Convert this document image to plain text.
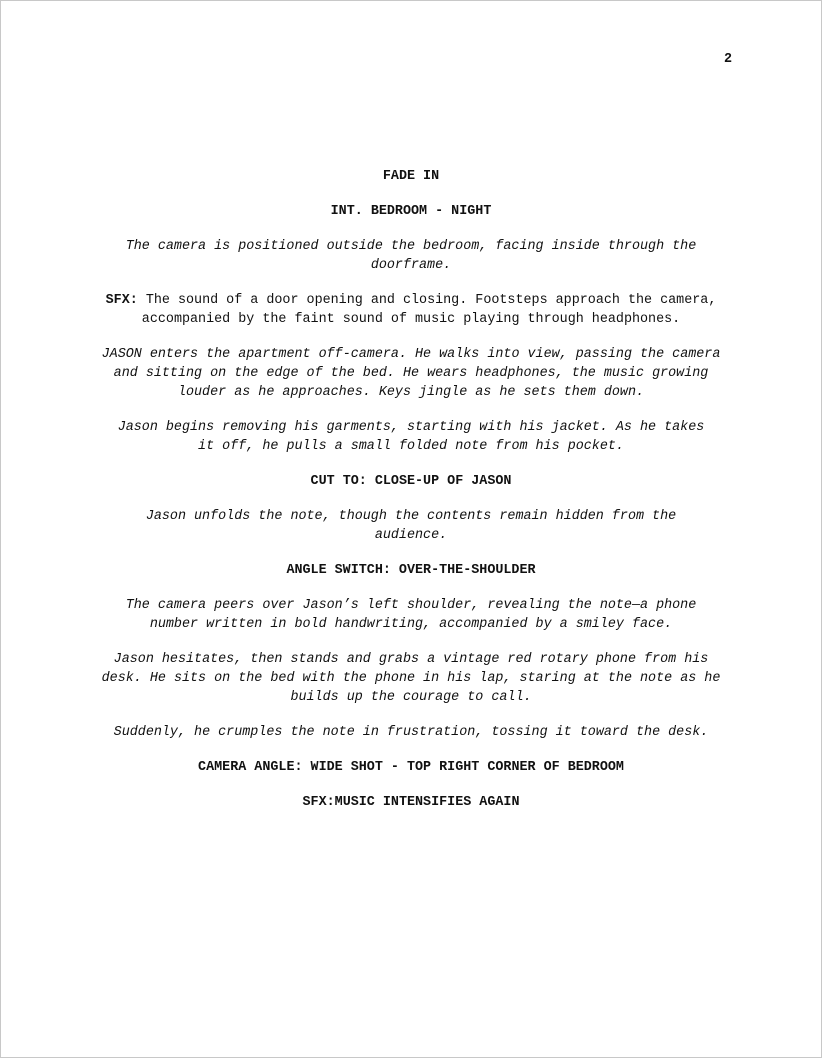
2
FADE IN
INT. BEDROOM - NIGHT
The camera is positioned outside the bedroom, facing inside through the doorframe.
SFX: The sound of a door opening and closing. Footsteps approach the camera, accompanied by the faint sound of music playing through headphones.
JASON enters the apartment off-camera. He walks into view, passing the camera and sitting on the edge of the bed. He wears headphones, the music growing louder as he approaches. Keys jingle as he sets them down.
Jason begins removing his garments, starting with his jacket. As he takes it off, he pulls a small folded note from his pocket.
CUT TO: CLOSE-UP OF JASON
Jason unfolds the note, though the contents remain hidden from the audience.
ANGLE SWITCH: OVER-THE-SHOULDER
The camera peers over Jason’s left shoulder, revealing the note—a phone number written in bold handwriting, accompanied by a smiley face.
Jason hesitates, then stands and grabs a vintage red rotary phone from his desk. He sits on the bed with the phone in his lap, staring at the note as he builds up the courage to call.
Suddenly, he crumples the note in frustration, tossing it toward the desk.
CAMERA ANGLE: WIDE SHOT - TOP RIGHT CORNER OF BEDROOM
SFX:MUSIC INTENSIFIES AGAIN
